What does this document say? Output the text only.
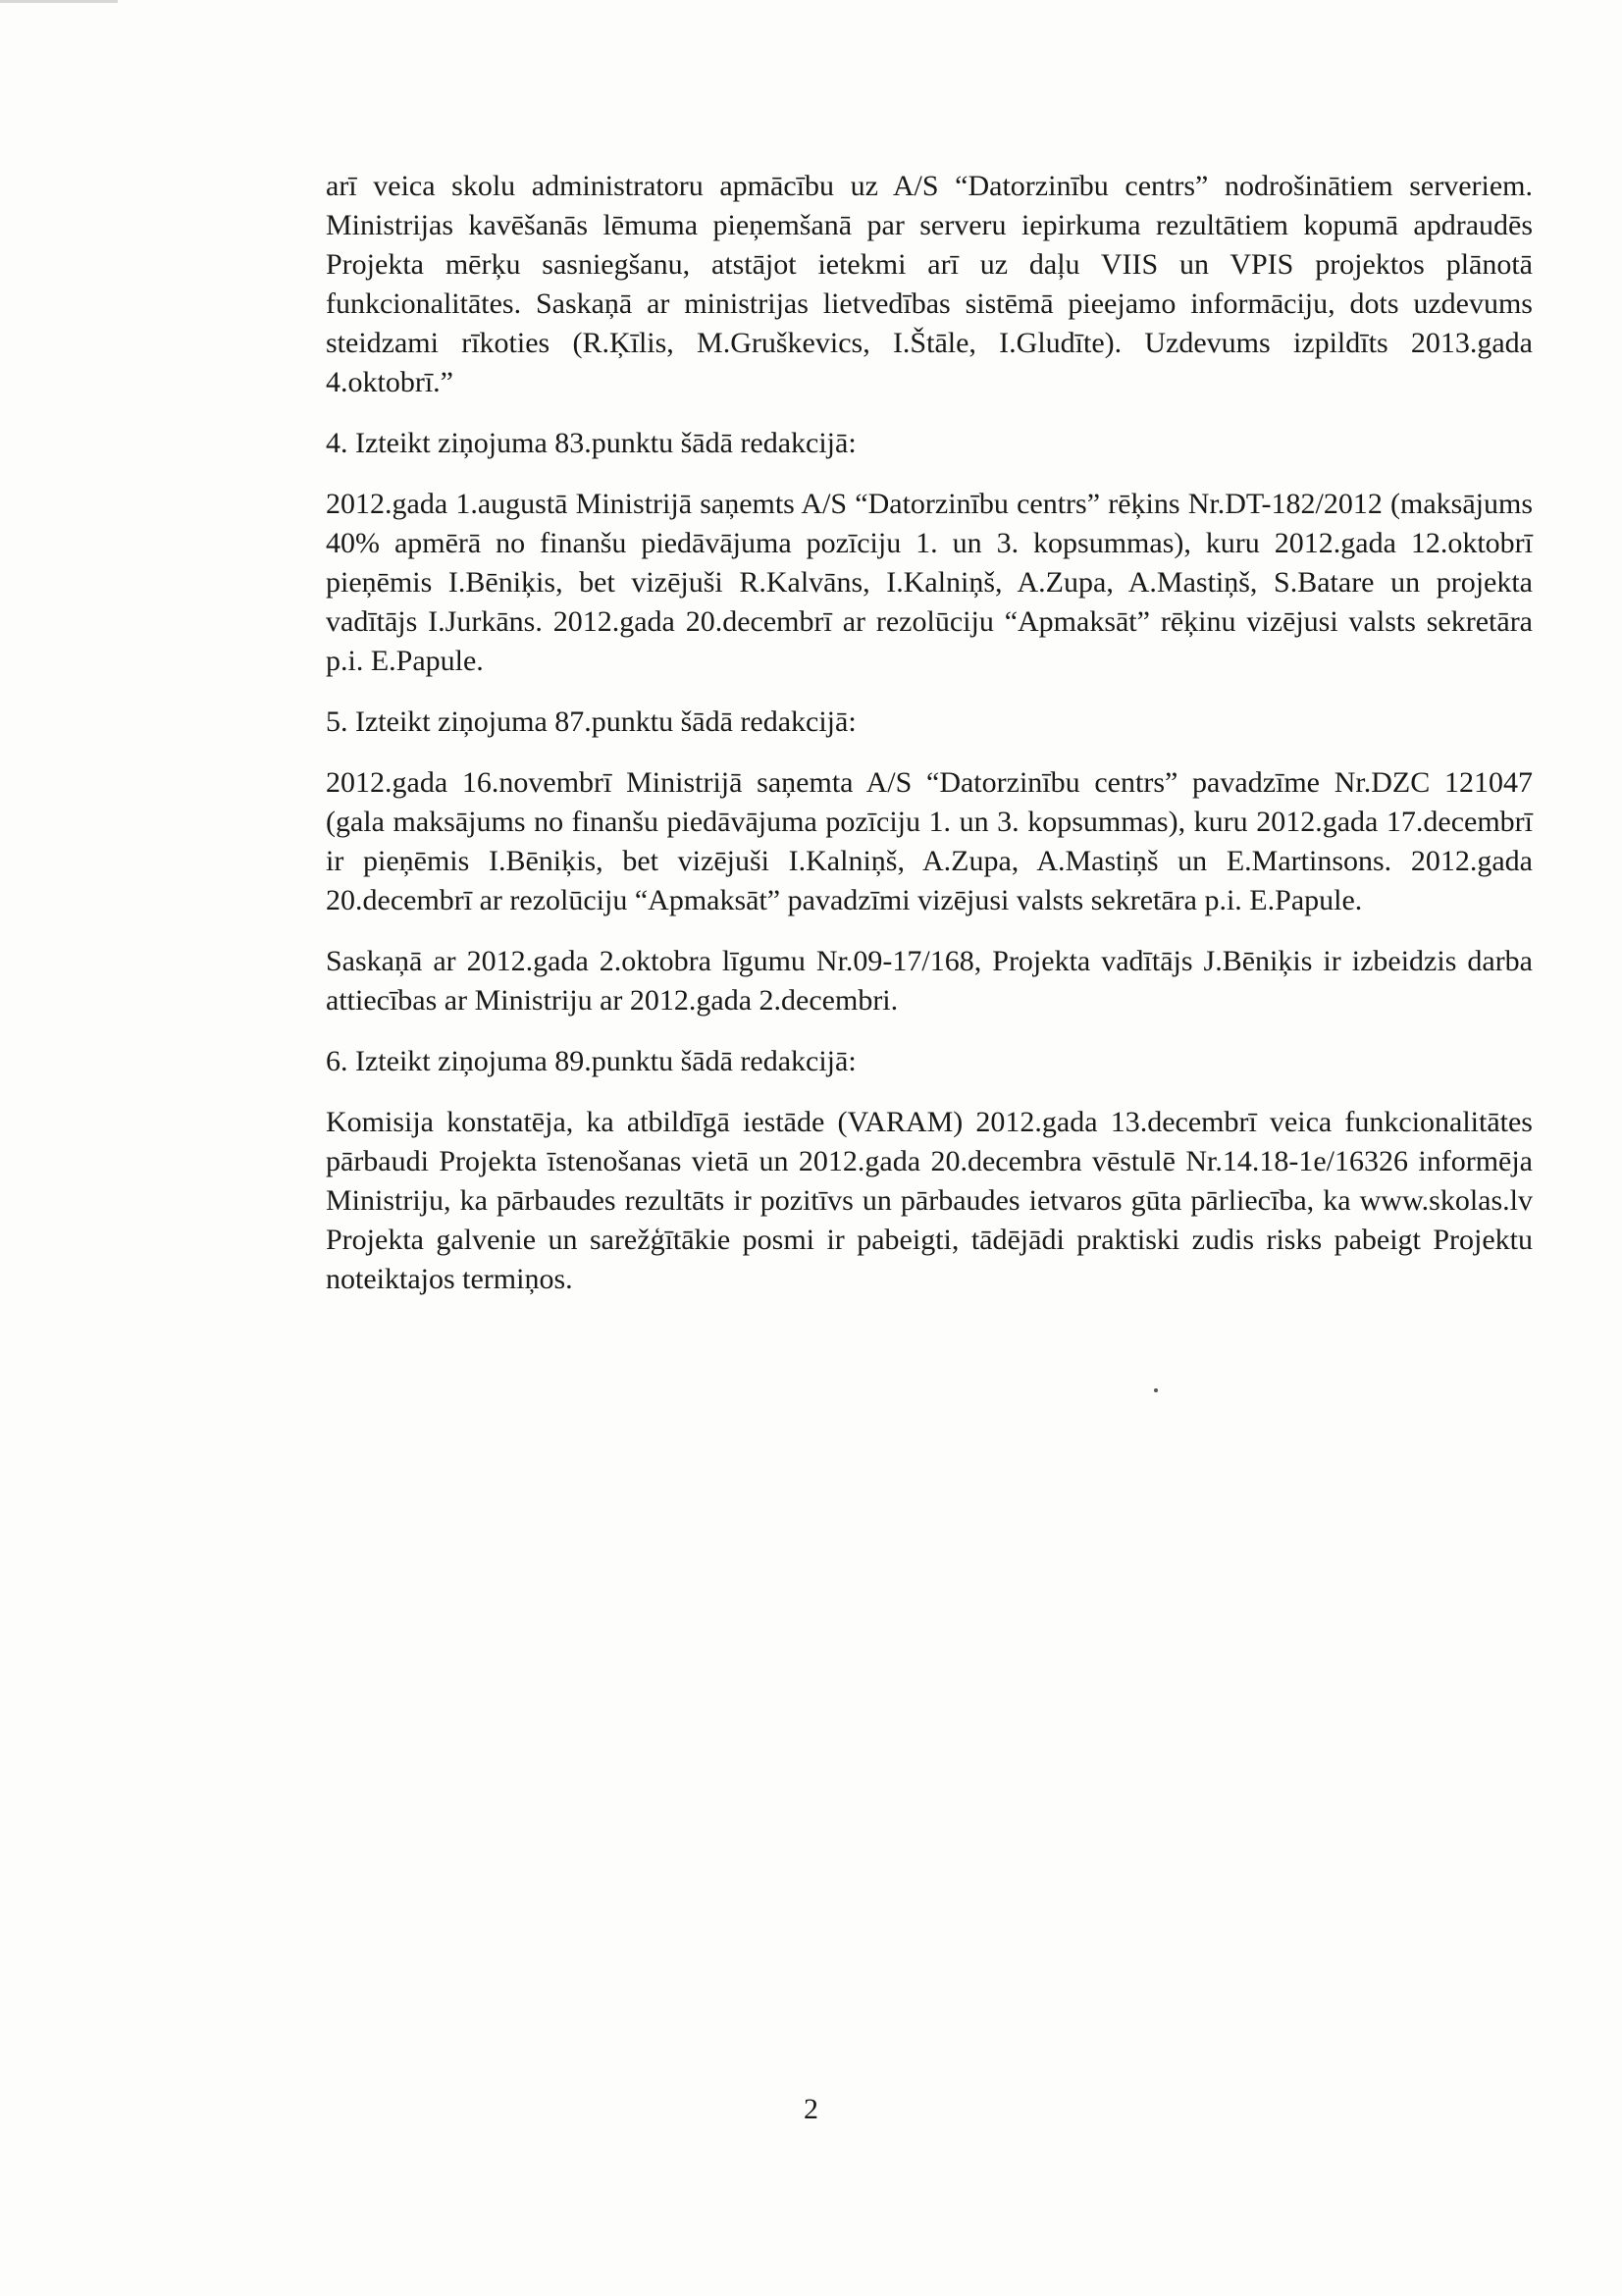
arī veica skolu administratoru apmācību uz A/S “Datorzinību centrs” nodrošinātiem serveriem. Ministrijas kavēšanās lēmuma pieņemšanā par serveru iepirkuma rezultātiem kopumā apdraudēs Projekta mērķu sasniegšanu, atstājot ietekmi arī uz daļu VIIS un VPIS projektos plānotā funkcionalitātes. Saskaņā ar ministrijas lietvedības sistēmā pieejamo informāciju, dots uzdevums steidzami rīkoties (R.Ķīlis, M.Gruškevics, I.Štāle, I.Gludīte). Uzdevums izpildīts 2013.gada 4.oktobrī.”

4. Izteikt ziņojuma 83.punktu šādā redakcijā:

2012.gada 1.augustā Ministrijā saņemts A/S “Datorzinību centrs” rēķins Nr.DT-182/2012 (maksājums 40% apmērā no finanšu piedāvājuma pozīciju 1. un 3. kopsummas), kuru 2012.gada 12.oktobrī pieņēmis I.Bēniķis, bet vizējuši R.Kalvāns, I.Kalniņš, A.Zupa, A.Mastiņš, S.Batare un projekta vadītājs I.Jurkāns. 2012.gada 20.decembrī ar rezolūciju “Apmaksāt” rēķinu vizējusi valsts sekretāra p.i. E.Papule.

5. Izteikt ziņojuma 87.punktu šādā redakcijā:

2012.gada 16.novembrī Ministrijā saņemta A/S “Datorzinību centrs” pavadzīme Nr.DZC 121047 (gala maksājums no finanšu piedāvājuma pozīciju 1. un 3. kopsummas), kuru 2012.gada 17.decembrī ir pieņēmis I.Bēniķis, bet vizējuši I.Kalniņš, A.Zupa, A.Mastiņš un E.Martinsons. 2012.gada 20.decembrī ar rezolūciju “Apmaksāt” pavadzīmi vizējusi valsts sekretāra p.i. E.Papule.

Saskaņā ar 2012.gada 2.oktobra līgumu Nr.09-17/168, Projekta vadītājs J.Bēniķis ir izbeidzis darba attiecības ar Ministriju ar 2012.gada 2.decembri.

6. Izteikt ziņojuma 89.punktu šādā redakcijā:

Komisija konstatēja, ka atbildīgā iestāde (VARAM) 2012.gada 13.decembrī veica funkcionalitātes pārbaudi Projekta īstenošanas vietā un 2012.gada 20.decembra vēstulē Nr.14.18-1e/16326 informēja Ministriju, ka pārbaudes rezultāts ir pozitīvs un pārbaudes ietvaros gūta pārliecība, ka www.skolas.lv Projekta galvenie un sarežģītākie posmi ir pabeigti, tādējādi praktiski zudis risks pabeigt Projektu noteiktajos termiņos.

2
